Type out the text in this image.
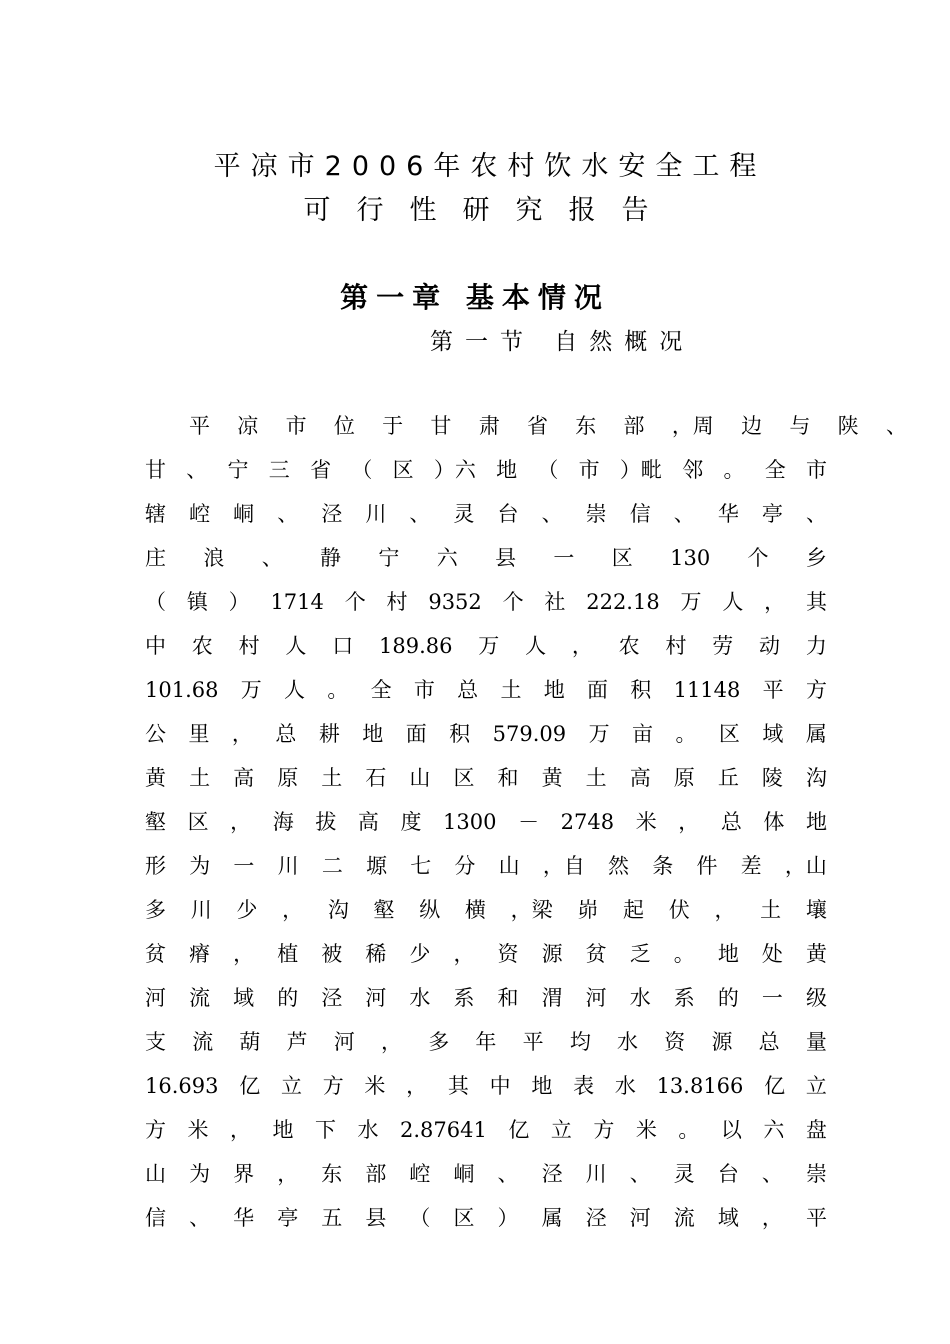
平凉市2006年农村饮水安全工程
可行性研究报告
第一章 基本情况
第一节 自然概况
平 凉 市 位 于 甘 肃 省 东 部 ，周 边 与 陕 、
甘 、 宁 三 省 （ 区 ）六 地 （ 市 ）毗 邻 。 全 市
辖 崆 峒 、 泾 川 、 灵 台 、 崇 信 、 华 亭 、
庄 浪 、 静 宁 六 县 一 区 130 个 乡
（ 镇 ） 1714 个 村 9352 个 社 222.18 万 人 ， 其
中 农 村 人 口 189.86 万 人 ， 农 村 劳 动 力
101.68 万 人 。 全 市 总 土 地 面 积 11148 平 方
公 里 ， 总 耕 地 面 积 579.09 万 亩 。 区 域 属
黄 土 高 原 土 石 山 区 和 黄 土 高 原 丘 陵 沟
壑 区 ， 海 拔 高 度 1300 － 2748 米 ， 总 体 地
形 为 一 川 二 塬 七 分 山 ，自 然 条 件 差 ，山
多 川 少 ， 沟 壑 纵 横 ，梁 峁 起 伏 ， 土 壤
贫 瘠 ， 植 被 稀 少 ， 资 源 贫 乏 。 地 处 黄
河 流 域 的 泾 河 水 系 和 渭 河 水 系 的 一 级
支 流 葫 芦 河 ， 多 年 平 均 水 资 源 总 量
16.693 亿 立 方 米 ， 其 中 地 表 水 13.8166 亿 立
方 米 ， 地 下 水 2.87641 亿 立 方 米 。 以 六 盘
山 为 界 ， 东 部 崆 峒 、 泾 川 、 灵 台 、 崇
信 、 华 亭 五 县 （ 区 ） 属 泾 河 流 域 ， 平
